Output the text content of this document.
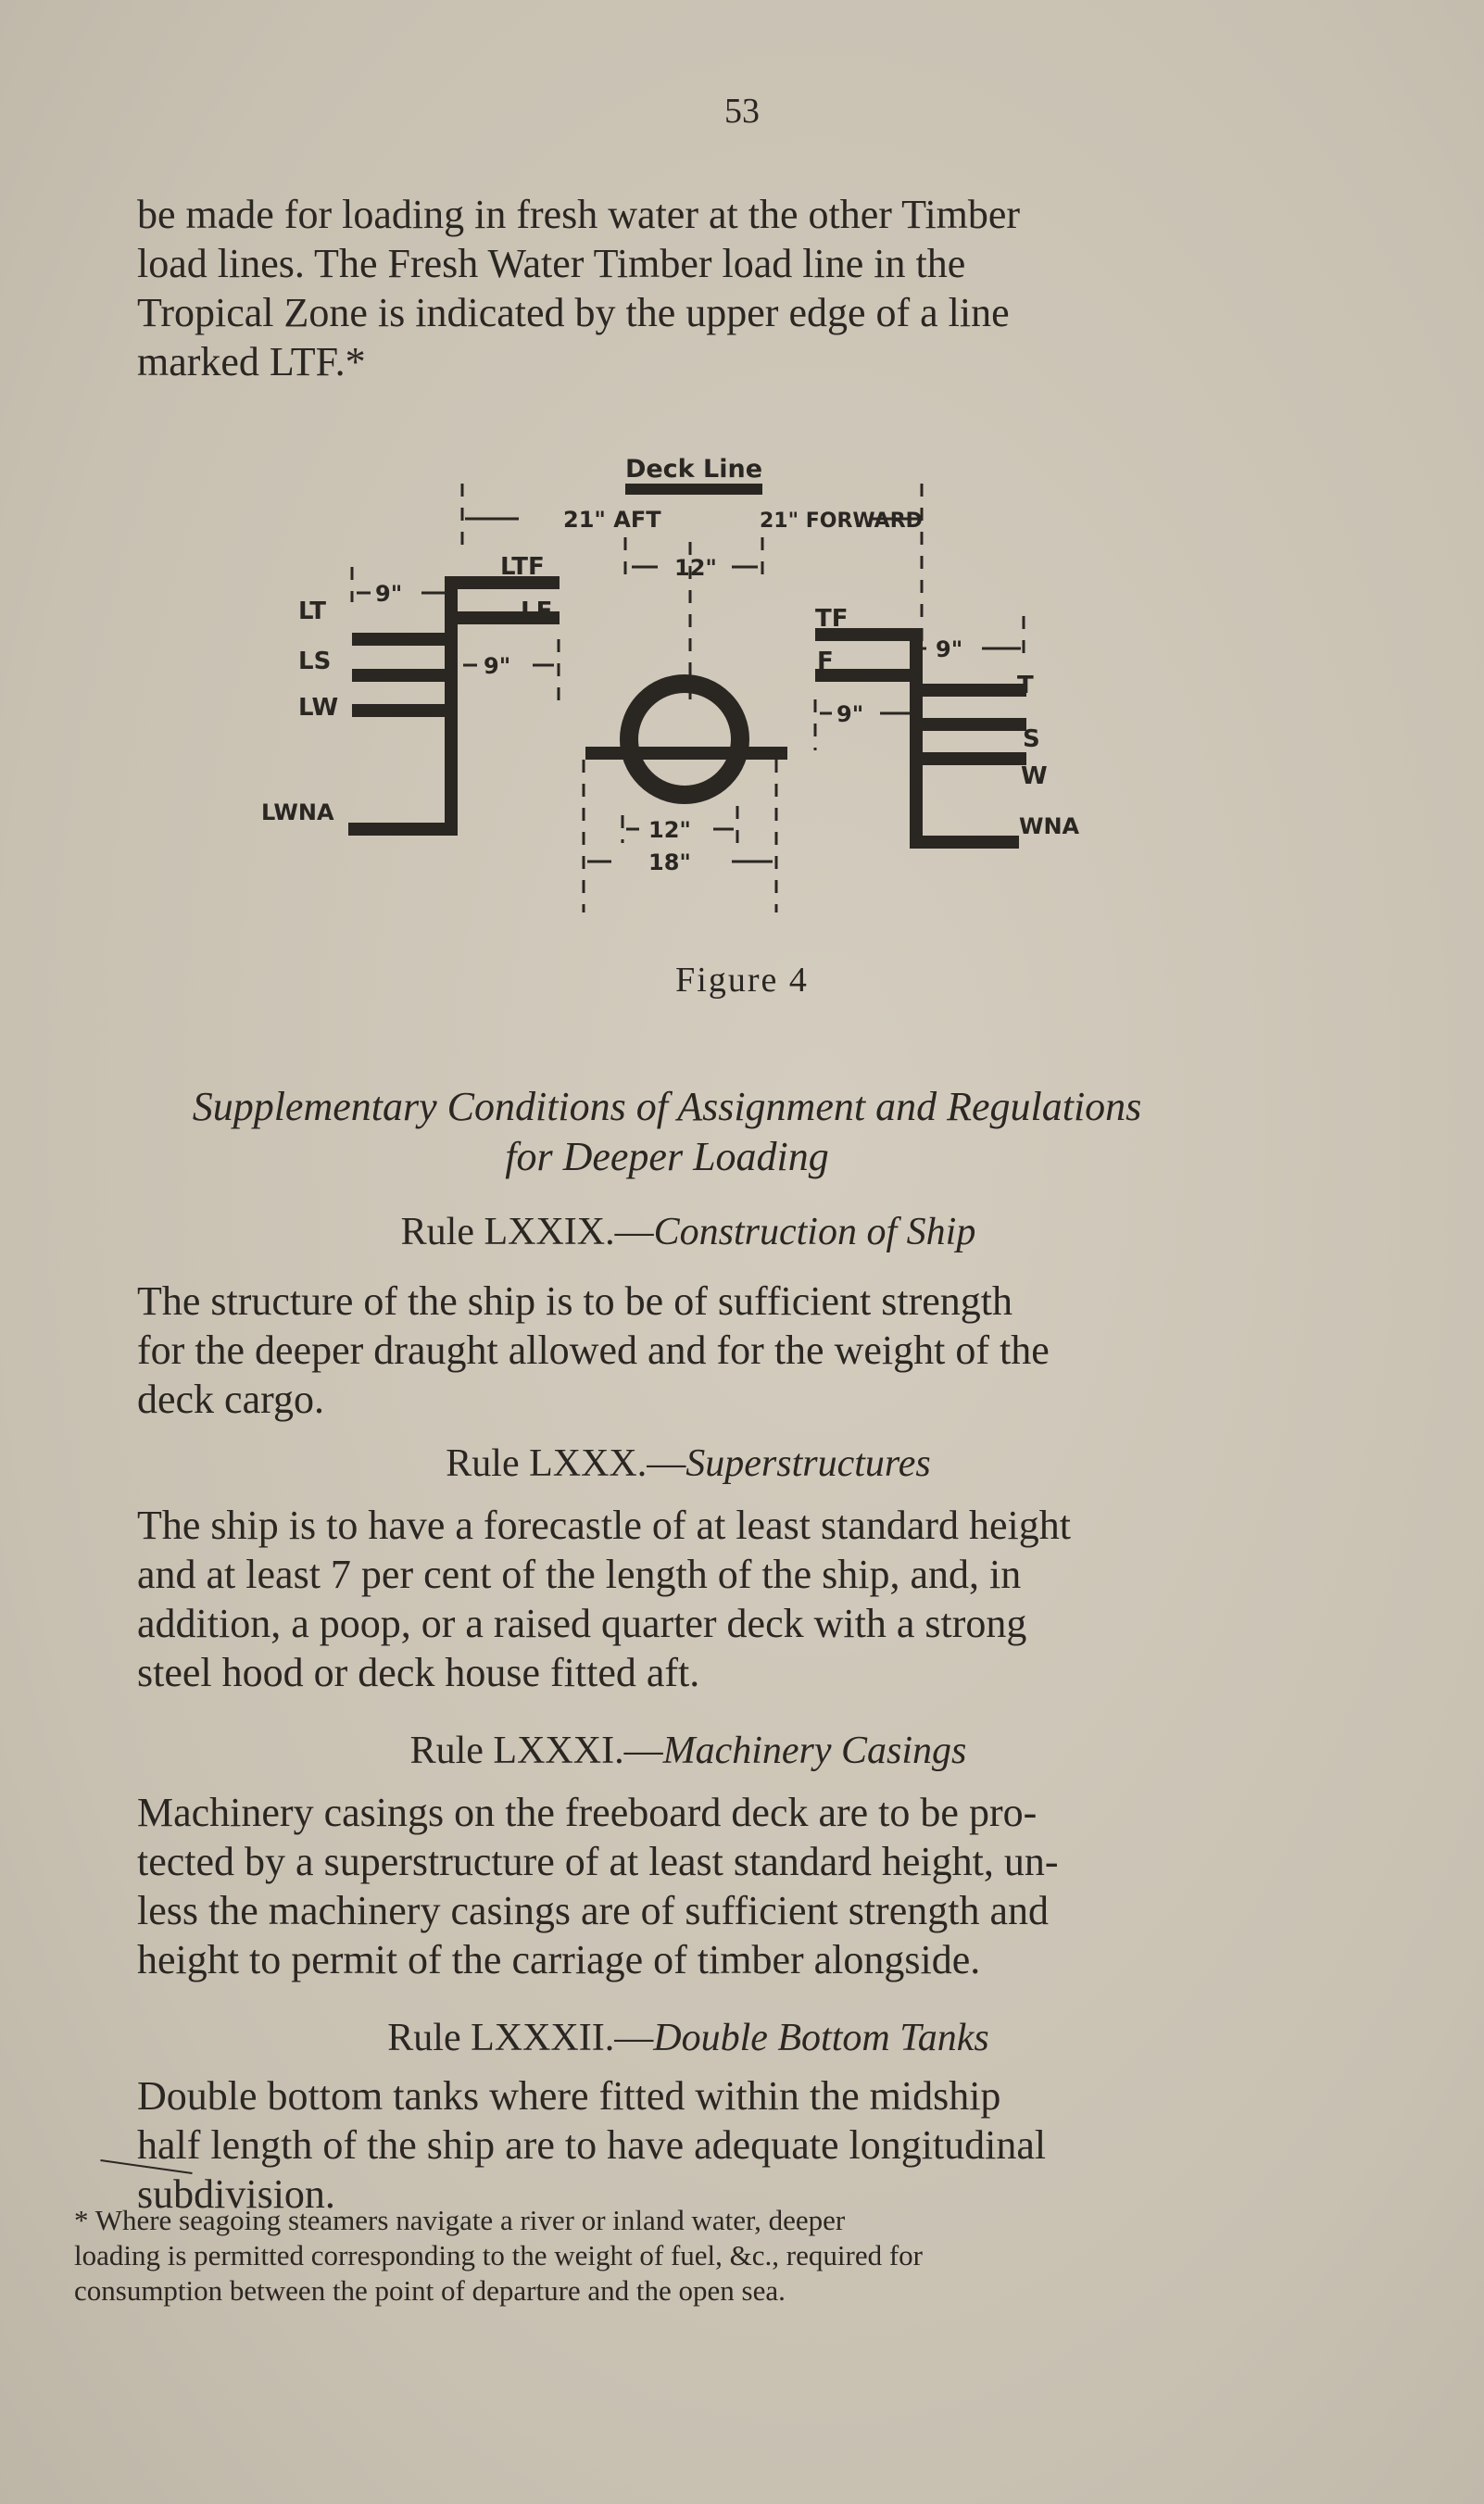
53
be made for loading in fresh water at the other Timber
load lines. The Fresh Water Timber load line in the
Tropical Zone is indicated by the upper edge of a line
marked LTF.*
Deck Line
21" AFT	21" FORWARD
12"
9"
9"
9"
9"
12"
18"
LTF
LF
LT
LS
LW
LWNA
TF
F
T
S
W
WNA
Figure 4
Supplementary Conditions of Assignment and Regulations
for Deeper Loading
Rule LXXIX.—Construction of Ship
The structure of the ship is to be of sufficient strength
for the deeper draught allowed and for the weight of the
deck cargo.
Rule LXXX.—Superstructures
The ship is to have a forecastle of at least standard height
and at least 7 per cent of the length of the ship, and, in
addition, a poop, or a raised quarter deck with a strong
steel hood or deck house fitted aft.
Rule LXXXI.—Machinery Casings
Machinery casings on the freeboard deck are to be pro-
tected by a superstructure of at least standard height, un-
less the machinery casings are of sufficient strength and
height to permit of the carriage of timber alongside.
Rule LXXXII.—Double Bottom Tanks
Double bottom tanks where fitted within the midship
half length of the ship are to have adequate longitudinal
subdivision.
* Where seagoing steamers navigate a river or inland water, deeper
loading is permitted corresponding to the weight of fuel, &c., required for
consumption between the point of departure and the open sea.
